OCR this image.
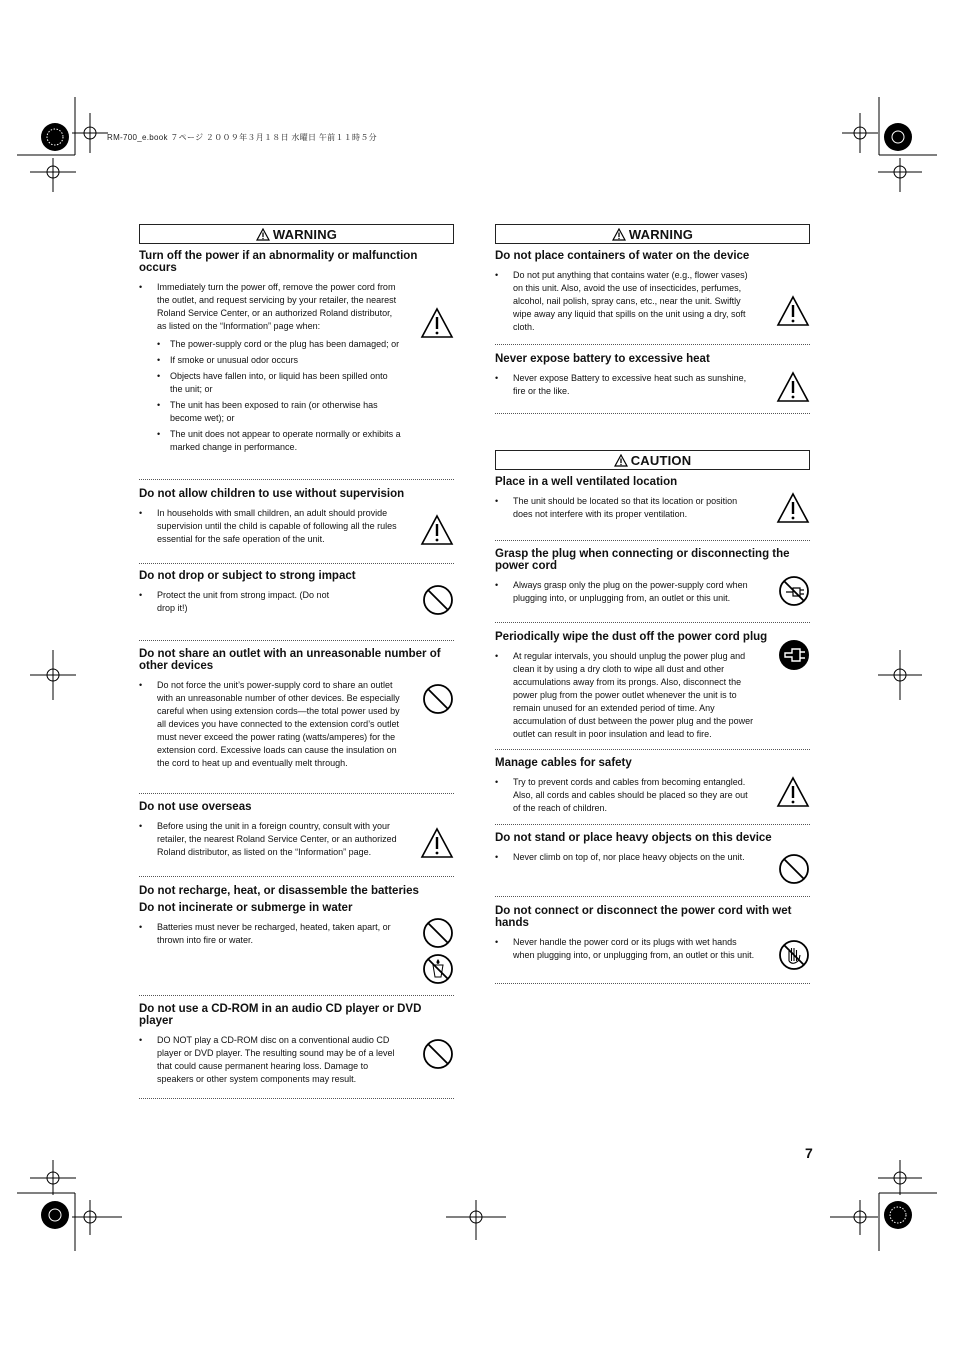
RM-700_e.book ７ページ ２００９年３月１８日 水曜日 午前１１時５分
WARNING
Turn off the power if an abnormality or malfunction occurs
• Immediately turn the power off, remove the power cord from the outlet, and request servicing by your retailer, the nearest Roland Service Center, or an authorized Roland distributor, as listed on the “Information” page when:
• The power-supply cord or the plug has been damaged; or
• If smoke or unusual odor occurs
• Objects have fallen into, or liquid has been spilled onto the unit; or
• The unit has been exposed to rain (or otherwise has become wet); or
• The unit does not appear to operate normally or exhibits a marked change in performance.
Do not allow children to use without supervision
• In households with small children, an adult should provide supervision until the child is capable of following all the rules essential for the safe operation of the unit.
Do not drop or subject to strong impact
• Protect the unit from strong impact. (Do not drop it!)
Do not share an outlet with an unreasonable number of other devices
• Do not force the unit’s power-supply cord to share an outlet with an unreasonable number of other devices. Be especially careful when using extension cords—the total power used by all devices you have connected to the extension cord’s outlet must never exceed the power rating (watts/amperes) for the extension cord. Excessive loads can cause the insulation on the cord to heat up and eventually melt through.
Do not use overseas
• Before using the unit in a foreign country, consult with your retailer, the nearest Roland Service Center, or an authorized Roland distributor, as listed on the “Information” page.
Do not recharge, heat, or disassemble the batteries
Do not incinerate or submerge in water
• Batteries must never be recharged, heated, taken apart, or thrown into fire or water.
Do not use a CD-ROM in an audio CD player or DVD player
• DO NOT play a CD-ROM disc on a conventional audio CD player or DVD player. The resulting sound may be of a level that could cause permanent hearing loss. Damage to speakers or other system components may result.
WARNING
Do not place containers of water on the device
• Do not put anything that contains water (e.g., flower vases) on this unit. Also, avoid the use of insecticides, perfumes, alcohol, nail polish, spray cans, etc., near the unit. Swiftly wipe away any liquid that spills on the unit using a dry, soft cloth.
Never expose battery to excessive heat
• Never expose Battery to excessive heat such as sunshine, fire or the like.
CAUTION
Place in a well ventilated location
• The unit should be located so that its location or position does not interfere with its proper ventilation.
Grasp the plug when connecting or disconnecting the power cord
• Always grasp only the plug on the power-supply cord when plugging into, or unplugging from, an outlet or this unit.
Periodically wipe the dust off the power cord plug
• At regular intervals, you should unplug the power plug and clean it by using a dry cloth to wipe all dust and other accumulations away from its prongs. Also, disconnect the power plug from the power outlet whenever the unit is to remain unused for an extended period of time. Any accumulation of dust between the power plug and the power outlet can result in poor insulation and lead to fire.
Manage cables for safety
• Try to prevent cords and cables from becoming entangled. Also, all cords and cables should be placed so they are out of the reach of children.
Do not stand or place heavy objects on this device
• Never climb on top of, nor place heavy objects on the unit.
Do not connect or disconnect the power cord with wet hands
• Never handle the power cord or its plugs with wet hands when plugging into, or unplugging from, an outlet or this unit.
7
